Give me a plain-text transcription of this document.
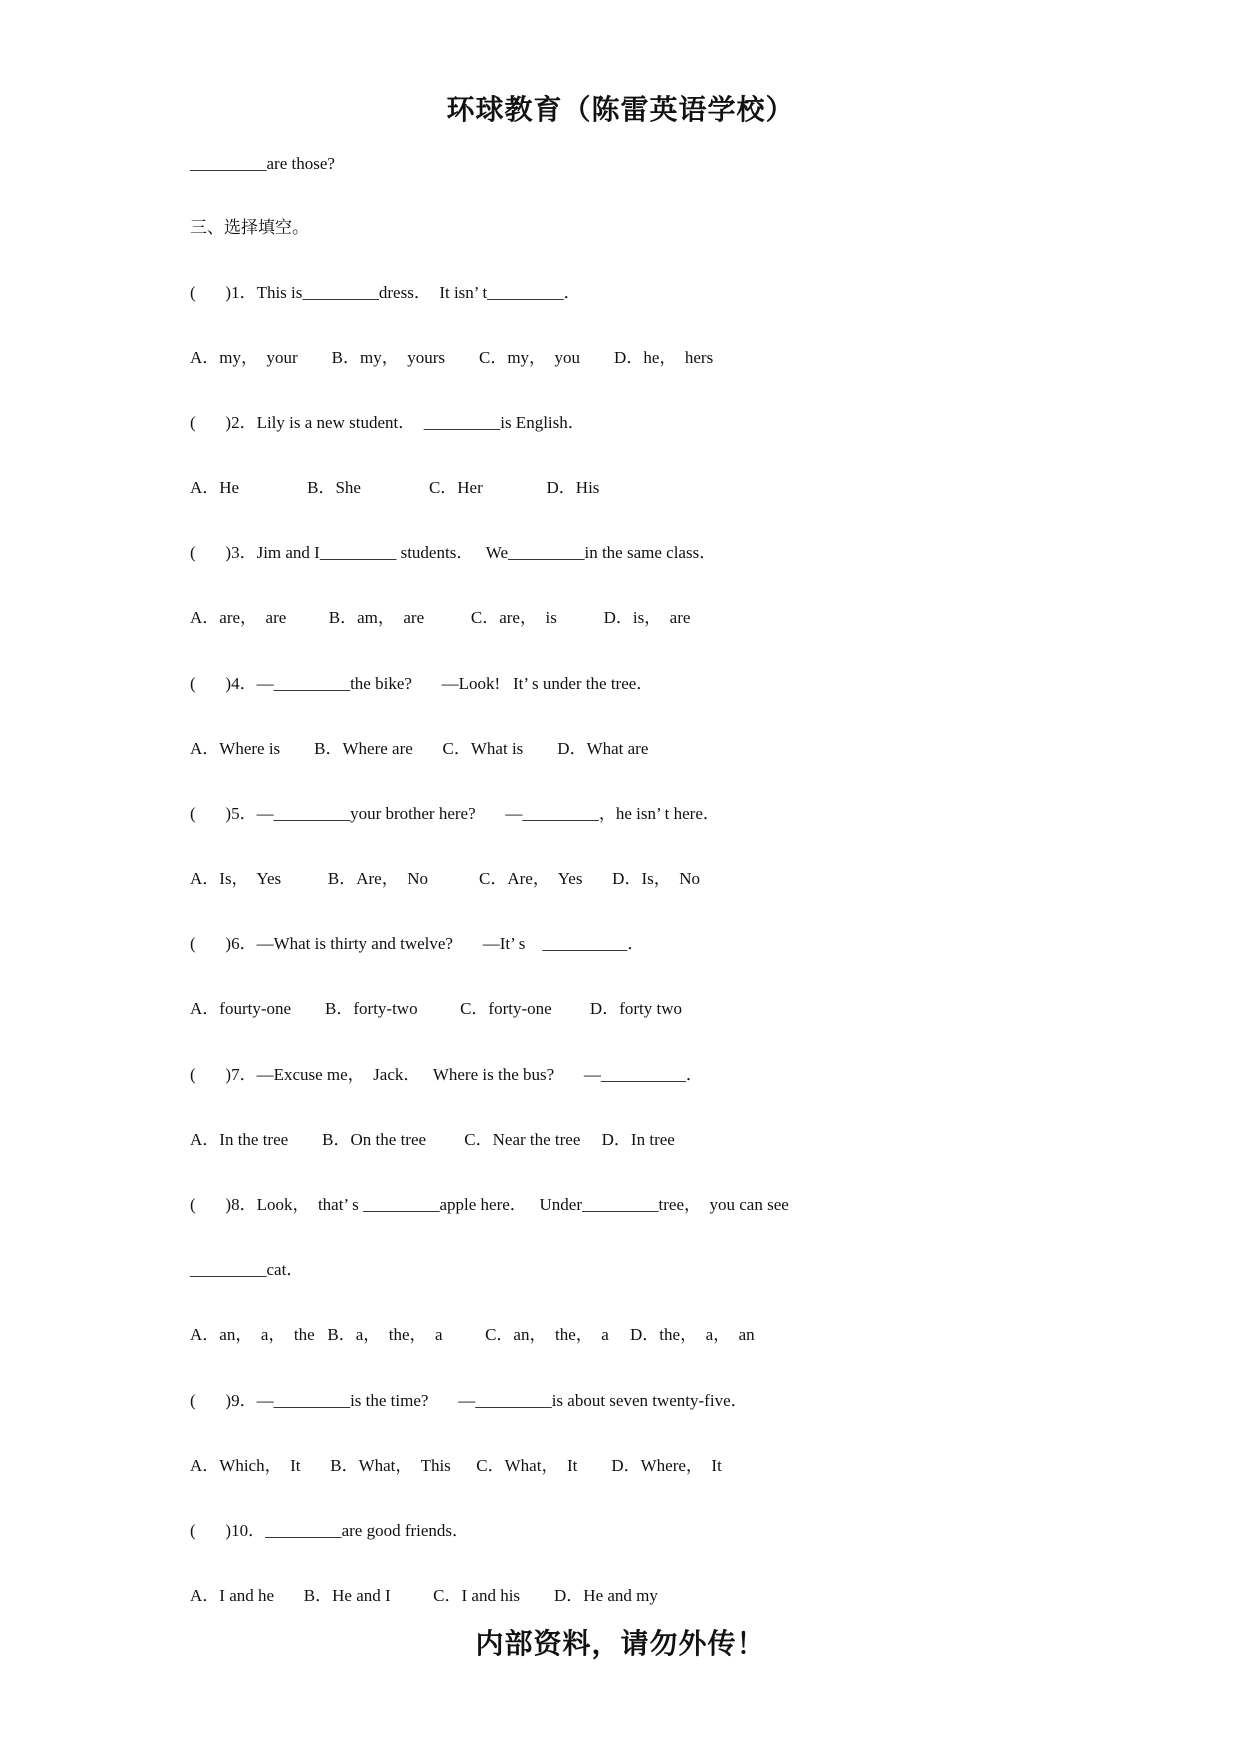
环球教育（陈雷英语学校）
_________are those?
三、选择填空。
(       )1．This is_________dress．  It isn’ t_________．
A．my，  your        B．my，  yours        C．my，  you        D．he，  hers
(       )2．Lily is a new student．  _________is English．
A．He                B．She                C．Her               D．His
(       )3．Jim and I_________ students．   We_________in the same class．
A．are，  are          B．am，  are           C．are，  is           D．is，  are
(       )4．—_________the bike?       —Look!   It’ s under the tree．
A．Where is        B．Where are       C．What is        D．What are
(       )5．—_________your brother here?       —_________，he isn’ t here．
A．Is，  Yes           B．Are，  No            C．Are，  Yes       D．Is，  No
(       )6．—What is thirty and twelve?       —It’ s    __________．
A．fourty-one        B．forty-two          C．forty-one         D．forty two
(       )7．—Excuse me，  Jack．   Where is the bus?       —__________．
A．In the tree        B．On the tree         C．Near the tree     D．In tree
(       )8．Look，  that’ s _________apple here．   Under_________tree，  you can see
_________cat．
A．an，  a，  the   B．a，  the，  a          C．an，  the，  a     D．the，  a，  an
(       )9．—_________is the time?       —_________is about seven twenty-five．
A．Which，  It       B．What，  This      C．What，  It        D．Where，  It
(       )10．_________are good friends．
A．I and he       B．He and I          C．I and his        D．He and my
内部资料，请勿外传！
